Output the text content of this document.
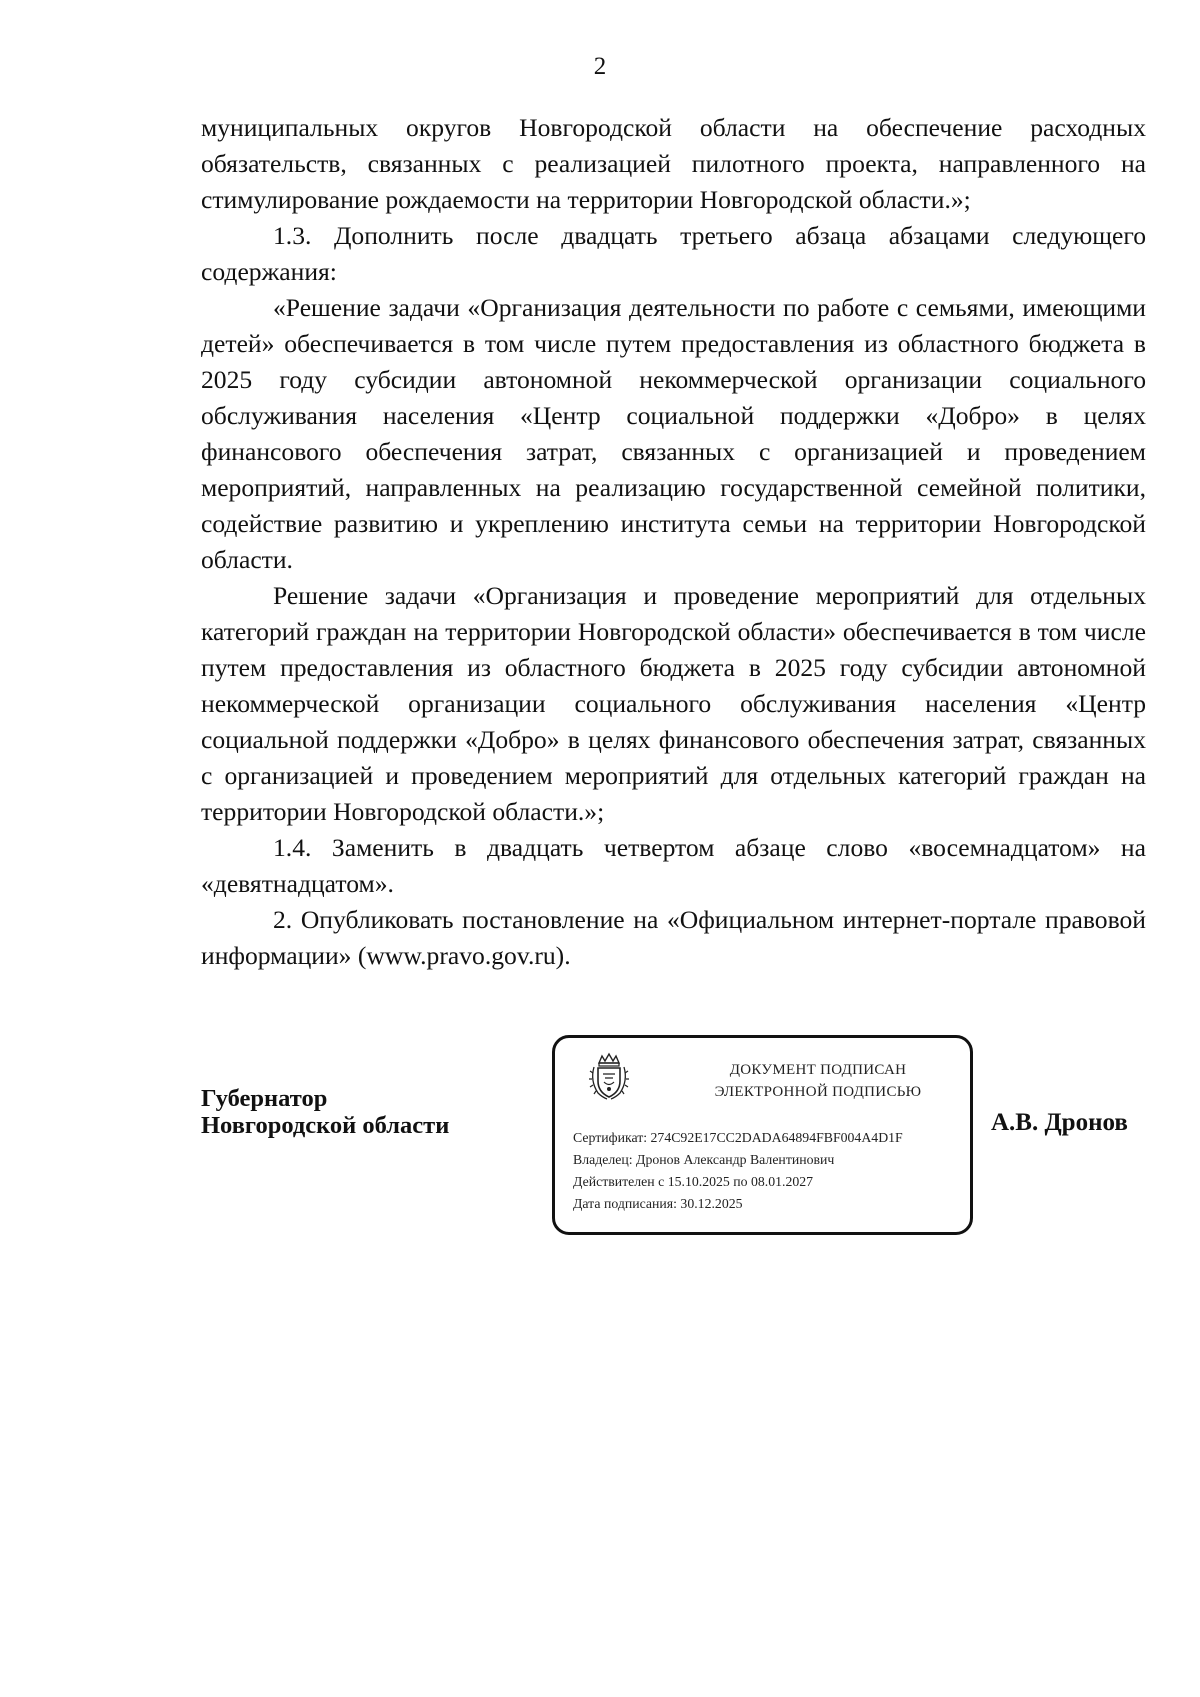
2

муниципальных округов Новгородской области на обеспечение расходных обязательств, связанных с реализацией пилотного проекта, направленного на стимулирование рождаемости на территории Новгородской области.»;

1.3. Дополнить после двадцать третьего абзаца абзацами следующего содержания:

«Решение задачи «Организация деятельности по работе с семьями, имеющими детей» обеспечивается в том числе путем предоставления из областного бюджета в 2025 году субсидии автономной некоммерческой организации социального обслуживания населения «Центр социальной поддержки «Добро» в целях финансового обеспечения затрат, связанных с организацией и проведением мероприятий, направленных на реализацию государственной семейной политики, содействие развитию и укреплению института семьи на территории Новгородской области.

Решение задачи «Организация и проведение мероприятий для отдельных категорий граждан на территории Новгородской области» обеспечивается в том числе путем предоставления из областного бюджета в 2025 году субсидии автономной некоммерческой организации социального обслуживания населения «Центр социальной поддержки «Добро» в целях финансового обеспечения затрат, связанных с организацией и проведением мероприятий для отдельных категорий граждан на территории Новгородской области.»;

1.4. Заменить в двадцать четвертом абзаце слово «восемнадцатом» на «девятнадцатом».

2. Опубликовать постановление на «Официальном интернет-портале правовой информации» (www.pravo.gov.ru).

Губернатор
Новгородской области
ДОКУМЕНТ ПОДПИСАН
ЭЛЕКТРОННОЙ ПОДПИСЬЮ
Сертификат: 274C92E17CC2DADA64894FBF004A4D1F
Владелец: Дронов Александр Валентинович
Действителен с 15.10.2025 по 08.01.2027
Дата подписания: 30.12.2025
А.В. Дронов
